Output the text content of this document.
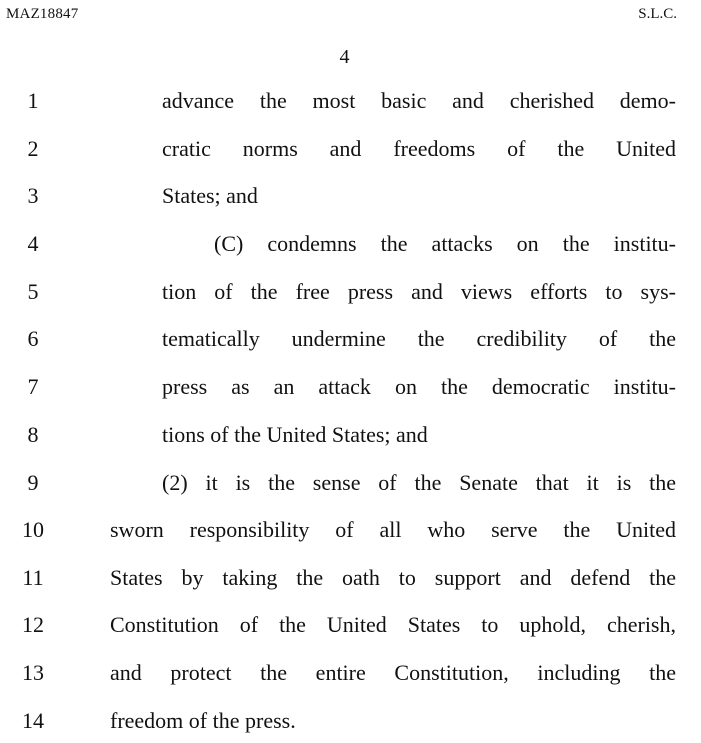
MAZ18847	S.L.C.
4
1	advance the most basic and cherished demo-
2	cratic norms and freedoms of the United
3	States; and
4	(C) condemns the attacks on the institu-
5	tion of the free press and views efforts to sys-
6	tematically undermine the credibility of the
7	press as an attack on the democratic institu-
8	tions of the United States; and
9	(2) it is the sense of the Senate that it is the
10	sworn responsibility of all who serve the United
11	States by taking the oath to support and defend the
12	Constitution of the United States to uphold, cherish,
13	and protect the entire Constitution, including the
14	freedom of the press.
